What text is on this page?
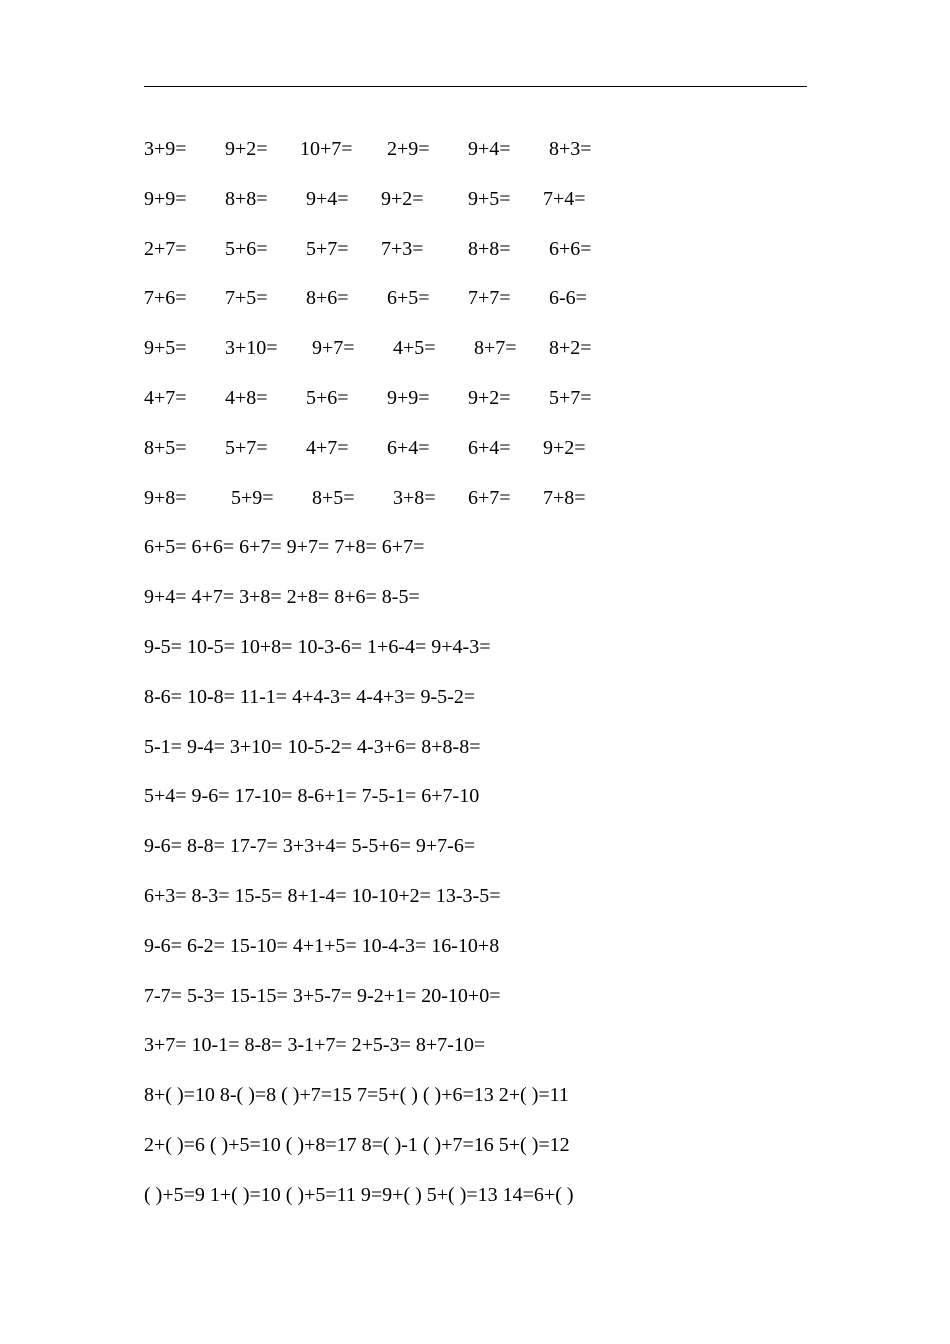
3+9= 9+2= 10+7= 2+9= 9+4= 8+3=
9+9= 8+8= 9+4= 9+2= 9+5= 7+4=
2+7= 5+6= 5+7= 7+3= 8+8= 6+6=
7+6= 7+5= 8+6= 6+5= 7+7= 6-6=
9+5= 3+10= 9+7= 4+5= 8+7= 8+2=
4+7= 4+8= 5+6= 9+9= 9+2= 5+7=
8+5= 5+7= 4+7= 6+4= 6+4= 9+2=
9+8= 5+9= 8+5= 3+8= 6+7= 7+8=
6+5= 6+6= 6+7= 9+7= 7+8= 6+7=
9+4= 4+7= 3+8= 2+8= 8+6= 8-5=
9-5= 10-5= 10+8= 10-3-6= 1+6-4= 9+4-3=
8-6= 10-8= 11-1= 4+4-3= 4-4+3= 9-5-2=
5-1= 9-4= 3+10= 10-5-2= 4-3+6= 8+8-8=
5+4= 9-6= 17-10= 8-6+1= 7-5-1= 6+7-10
9-6= 8-8= 17-7= 3+3+4= 5-5+6= 9+7-6=
6+3= 8-3= 15-5= 8+1-4= 10-10+2= 13-3-5=
9-6= 6-2= 15-10= 4+1+5= 10-4-3= 16-10+8
7-7= 5-3= 15-15= 3+5-7= 9-2+1= 20-10+0=
3+7= 10-1= 8-8= 3-1+7= 2+5-3= 8+7-10=
8+( )=10 8-( )=8 ( )+7=15 7=5+( ) ( )+6=13 2+( )=11
2+( )=6 ( )+5=10 ( )+8=17 8=( )-1 ( )+7=16 5+( )=12
( )+5=9 1+( )=10 ( )+5=11 9=9+( ) 5+( )=13 14=6+( )
